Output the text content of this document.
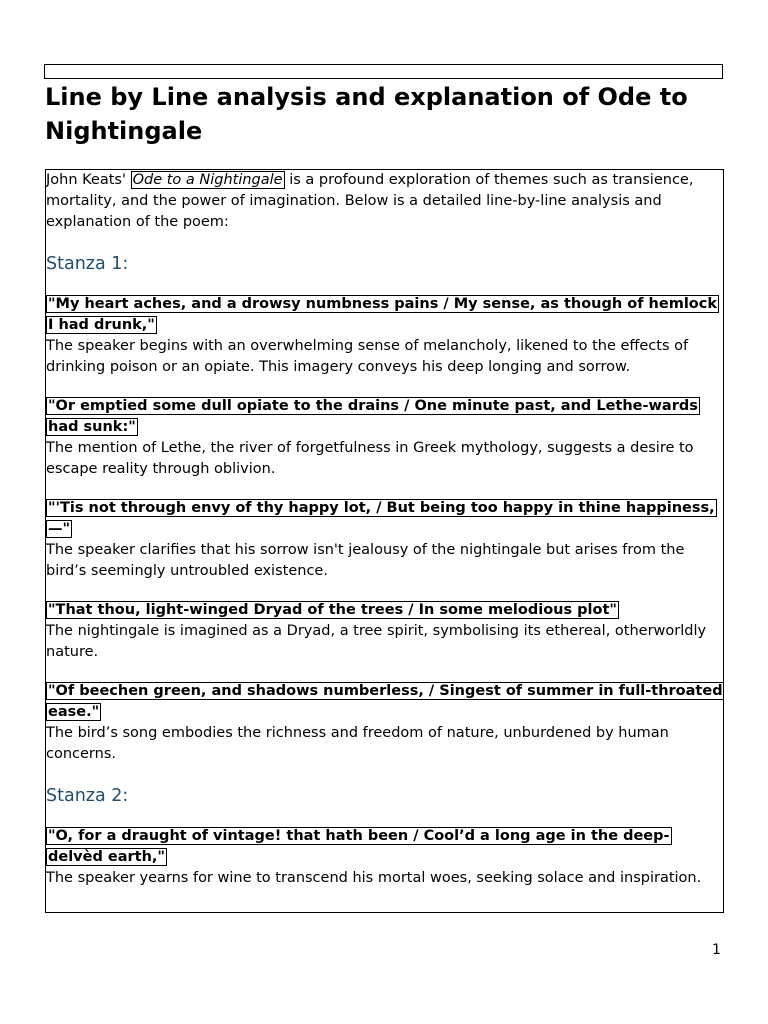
Line by Line analysis and explanation of Ode to Nightingale

John Keats' Ode to a Nightingale is a profound exploration of themes such as transience, mortality, and the power of imagination. Below is a detailed line-by-line analysis and explanation of the poem:

Stanza 1:

"My heart aches, and a drowsy numbness pains / My sense, as though of hemlock I had drunk,"

The speaker begins with an overwhelming sense of melancholy, likened to the effects of drinking poison or an opiate. This imagery conveys his deep longing and sorrow.

"Or emptied some dull opiate to the drains / One minute past, and Lethe-wards had sunk:"

The mention of Lethe, the river of forgetfulness in Greek mythology, suggests a desire to escape reality through oblivion.

"'Tis not through envy of thy happy lot, / But being too happy in thine happiness,—"

The speaker clarifies that his sorrow isn't jealousy of the nightingale but arises from the bird’s seemingly untroubled existence.

"That thou, light-winged Dryad of the trees / In some melodious plot"

The nightingale is imagined as a Dryad, a tree spirit, symbolising its ethereal, otherworldly nature.

"Of beechen green, and shadows numberless, / Singest of summer in full-throated ease."

The bird’s song embodies the richness and freedom of nature, unburdened by human concerns.

Stanza 2:

"O, for a draught of vintage! that hath been / Cool’d a long age in the deep-delvèd earth,"

The speaker yearns for wine to transcend his mortal woes, seeking solace and inspiration.

1
